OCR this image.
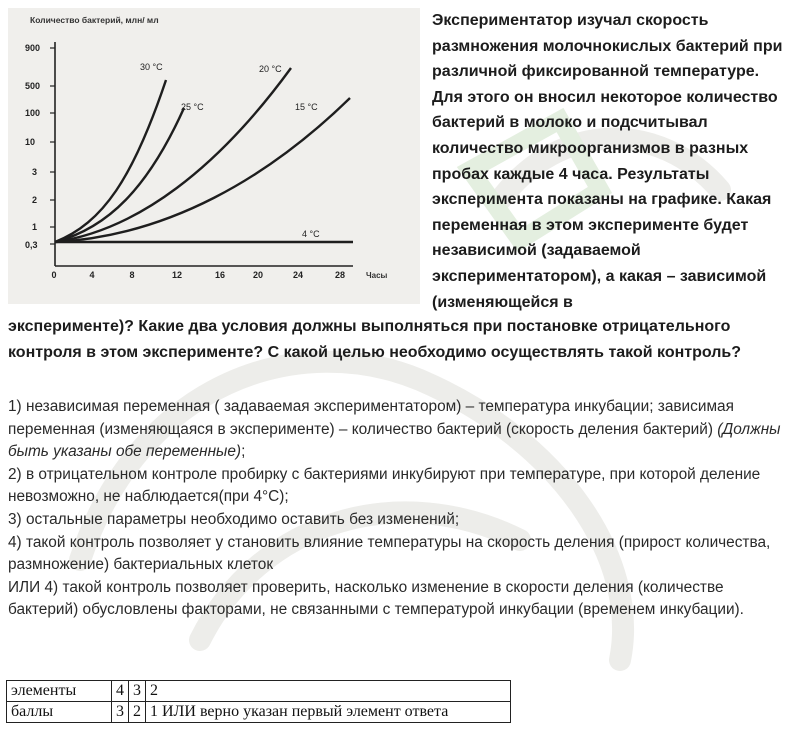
Количество бактерий, млн/ мл
900
500
100
10
3
2
1
0,3
0	4	8	12	16	20	24	28	Часы
30 °C
25 °C
20 °C
15 °C
4 °C
Экспериментатор изучал скорость размножения молочнокислых бактерий при различной фиксированной температуре. Для этого он вносил некоторое количество бактерий в молоко и подсчитывал количество микроорганизмов в разных пробах каждые 4 часа. Результаты эксперимента показаны на графике. Какая переменная в этом эксперименте будет независимой (задаваемой экспериментатором), а какая – зависимой (изменяющейся в
эксперименте)? Какие два условия должны выполняться при постановке отрицательного контроля в этом эксперименте? С какой целью необходимо осуществлять такой контроль?

1) независимая переменная ( задаваемая экспериментатором) – температура инкубации; зависимая переменная (изменяющаяся в эксперименте) – количество бактерий (скорость деления бактерий) (Должны быть указаны обе переменные);

2) в отрицательном контроле пробирку с бактериями инкубируют при температуре, при которой деление невозможно, не наблюдается(при 4°С);

3) остальные параметры необходимо оставить без изменений;

4) такой контроль позволяет у становить влияние температуры на скорость деления (прирост количества, размножение) бактериальных клеток

ИЛИ 4) такой контроль позволяет проверить, насколько изменение в скорости деления (количестве бактерий) обусловлены факторами, не связанными с температурой инкубации (временем инкубации).

элементы	4	3	2
баллы	3	2	1 ИЛИ верно указан первый элемент ответа
